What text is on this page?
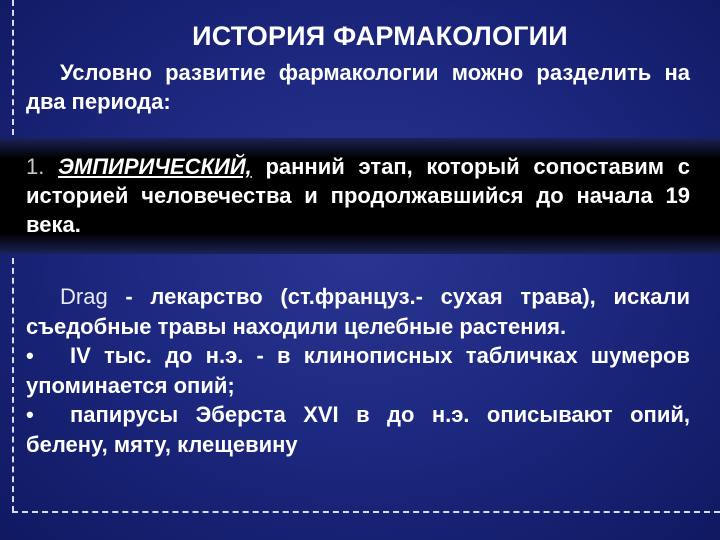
ИСТОРИЯ ФАРМАКОЛОГИИ
Условно развитие фармакологии можно разделить на два периода:
1. ЭМПИРИЧЕСКИЙ, ранний этап, который сопоставим с историей человечества и продолжавшийся до начала 19 века.
Drag - лекарство (ст.француз.- сухая трава), искали съедобные травы находили целебные растения.
• IV тыс. до н.э. - в клинописных табличках шумеров упоминается опий;
• папирусы Эберста XVI в до н.э. описывают опий, белену, мяту, клещевину
